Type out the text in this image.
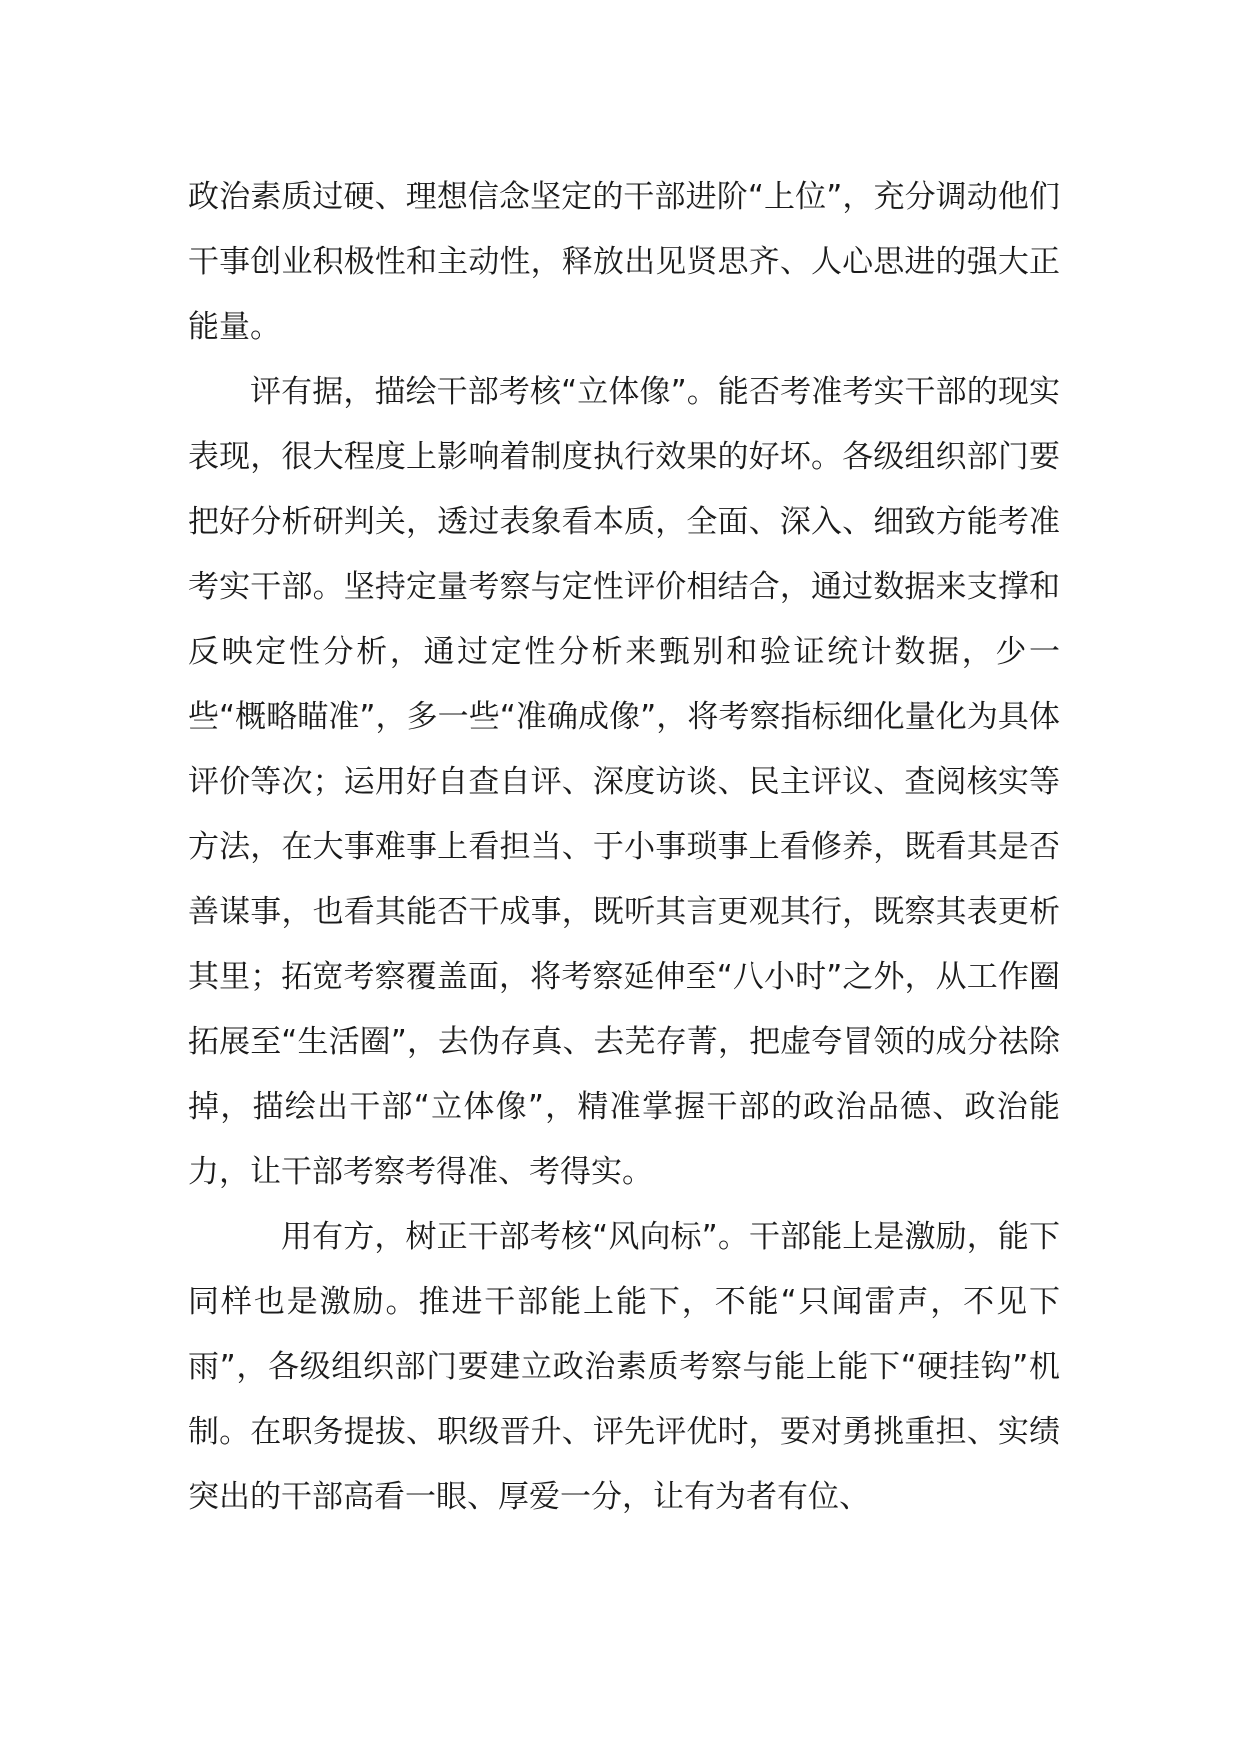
政治素质过硬、理想信念坚定的干部进阶“上位”，充分调动他们干事创业积极性和主动性，释放出见贤思齐、人心思进的强大正能量。

评有据，描绘干部考核“立体像”。能否考准考实干部的现实表现，很大程度上影响着制度执行效果的好坏。各级组织部门要把好分析研判关，透过表象看本质，全面、深入、细致方能考准考实干部。坚持定量考察与定性评价相结合，通过数据来支撑和反映定性分析，通过定性分析来甄别和验证统计数据，少一些“概略瞄准”，多一些“准确成像”，将考察指标细化量化为具体评价等次；运用好自查自评、深度访谈、民主评议、查阅核实等方法，在大事难事上看担当、于小事琐事上看修养，既看其是否善谋事，也看其能否干成事，既听其言更观其行，既察其表更析其里；拓宽考察覆盖面，将考察延伸至“八小时”之外，从工作圈拓展至“生活圈”，去伪存真、去芜存菁，把虚夸冒领的成分祛除掉，描绘出干部“立体像”，精准掌握干部的政治品德、政治能力，让干部考察考得准、考得实。

用有方，树正干部考核“风向标”。干部能上是激励，能下同样也是激励。推进干部能上能下，不能“只闻雷声，不见下雨”，各级组织部门要建立政治素质考察与能上能下“硬挂钩”机制。在职务提拔、职级晋升、评先评优时，要对勇挑重担、实绩突出的干部高看一眼、厚爱一分，让有为者有位、
